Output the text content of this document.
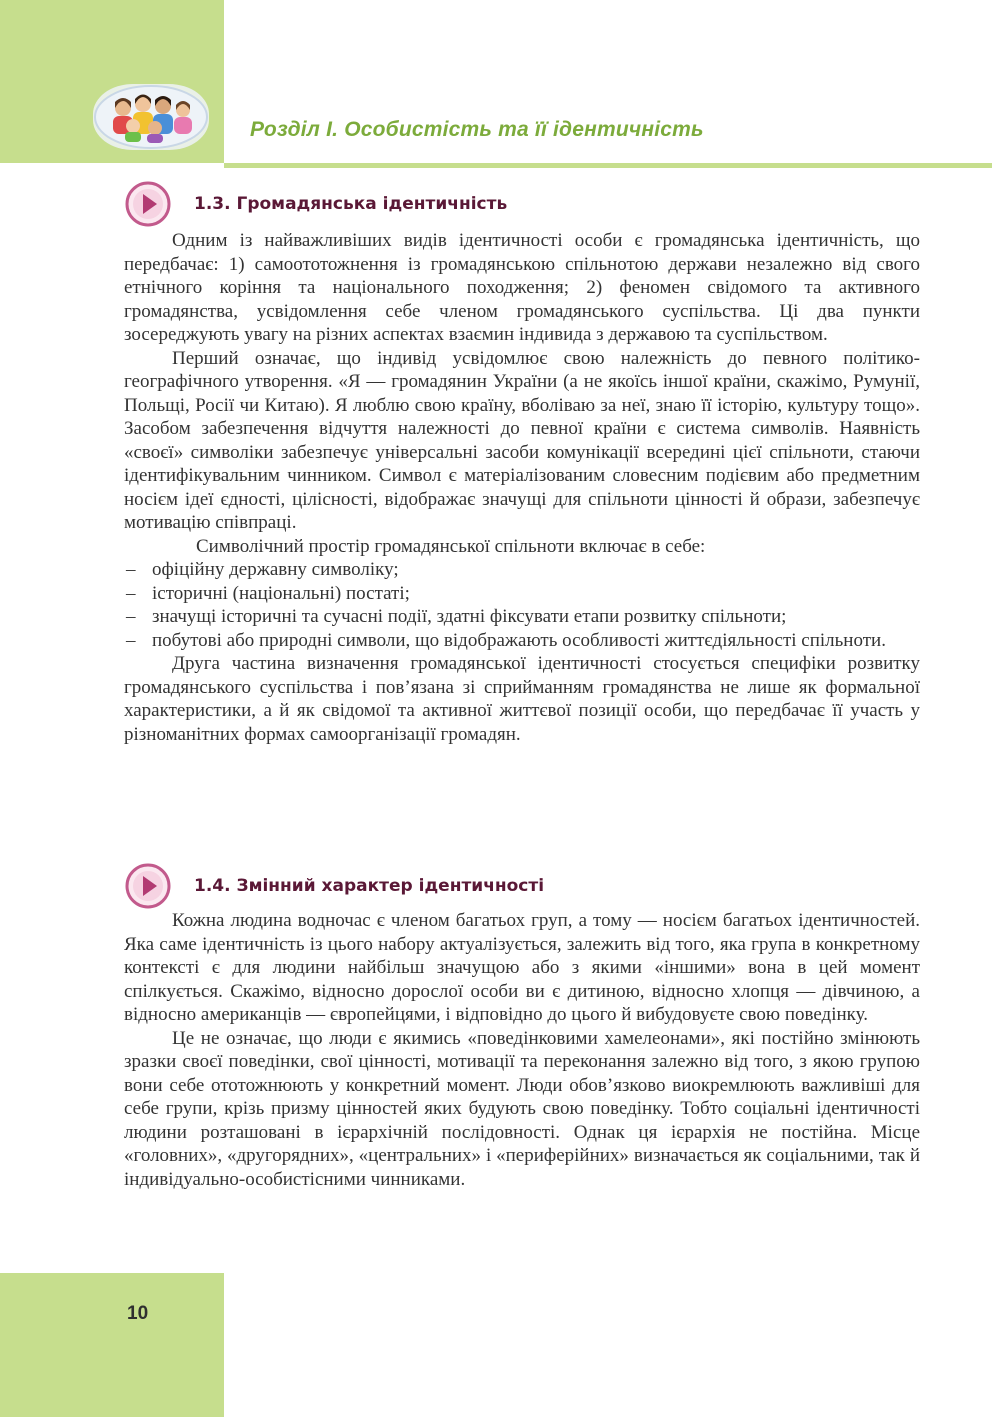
Розділ І. Особистість та її ідентичність
1.3. Громадянська ідентичність

Одним із найважливіших видів ідентичності особи є громадянська ідентичність, що передбачає: 1) самоототожнення із громадянською спільнотою держави незалежно від свого етнічного коріння та національного походження; 2) феномен свідомого та активного громадянства, усвідомлення себе членом громадянського суспільства. Ці два пункти зосереджують увагу на різних аспектах взаємин індивида з державою та суспільством.

Перший означає, що індивід усвідомлює свою належність до певного політико-географічного утворення. «Я — громадянин України (а не якоїсь іншої країни, скажімо, Румунії, Польщі, Росії чи Китаю). Я люблю свою країну, вболіваю за неї, знаю її історію, культуру тощо». Засобом забезпечення відчуття належності до певної країни є система символів. Наявність «своєї» символіки забезпечує універсальні засоби комунікації всередині цієї спільноти, стаючи ідентифікувальним чинником. Символ є матеріалізованим словесним подієвим або предметним носієм ідеї єдності, цілісності, відображає значущі для спільноти цінності й образи, забезпечує мотивацію співпраці.

Символічний простір громадянської спільноти включає в себе:

– офіційну державну символіку;
– історичні (національні) постаті;
– значущі історичні та сучасні події, здатні фіксувати етапи розвитку спільноти;
– побутові або природні символи, що відображають особливості життєдіяльності спільноти.

Друга частина визначення громадянської ідентичності стосується специфіки розвитку громадянського суспільства і пов’язана зі сприйманням громадянства не лише як формальної характеристики, а й як свідомої та активної життєвої позиції особи, що передбачає її участь у різноманітних формах самоорганізації громадян.

1.4. Змінний характер ідентичності

Кожна людина водночас є членом багатьох груп, а тому — носієм багатьох ідентичностей. Яка саме ідентичність із цього набору актуалізується, залежить від того, яка група в конкретному контексті є для людини найбільш значущою або з якими «іншими» вона в цей момент спілкується. Скажімо, відносно дорослої особи ви є дитиною, відносно хлопця — дівчиною, а відносно американців — європейцями, і відповідно до цього й вибудовуєте свою поведінку.

Це не означає, що люди є якимись «поведінковими хамелеонами», які постійно змінюють зразки своєї поведінки, свої цінності, мотивації та переконання залежно від того, з якою групою вони себе ототожнюють у конкретний момент. Люди обов’язково виокремлюють важливіші для себе групи, крізь призму цінностей яких будують свою поведінку. Тобто соціальні ідентичності людини розташовані в ієрархічній послідовності. Однак ця ієрархія не постійна. Місце «головних», «другорядних», «центральних» і «периферійних» визначається як соціальними, так й індивідуально-особистісними чинниками.

10
